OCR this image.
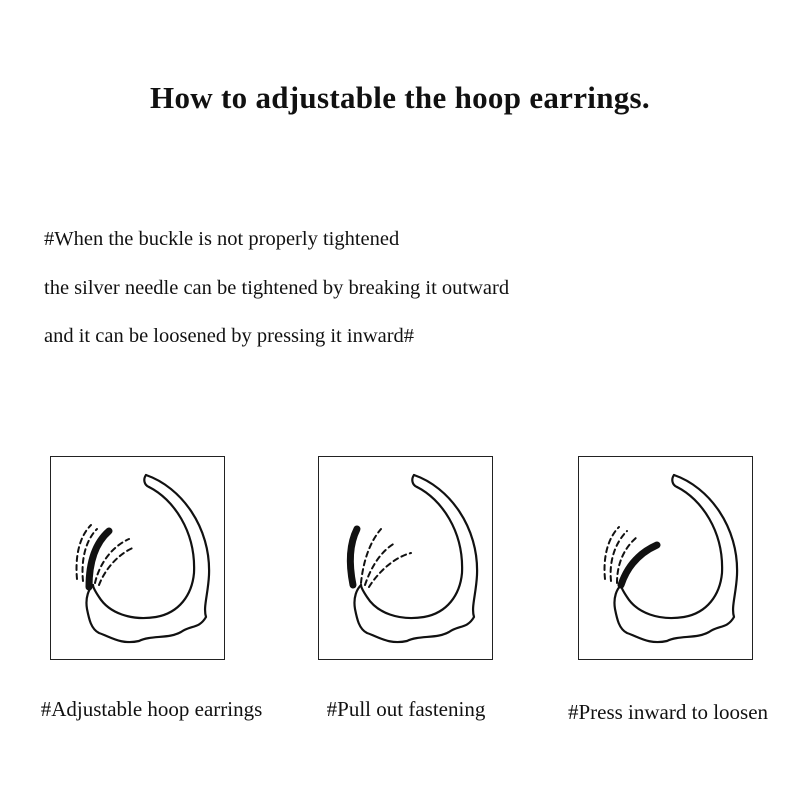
How to adjustable the hoop earrings.
#When the buckle is not properly tightened
the silver needle can be tightened by breaking it outward
and it can be loosened by pressing it inward#
#Adjustable hoop earrings	#Pull out fastening	#Press inward to loosen
